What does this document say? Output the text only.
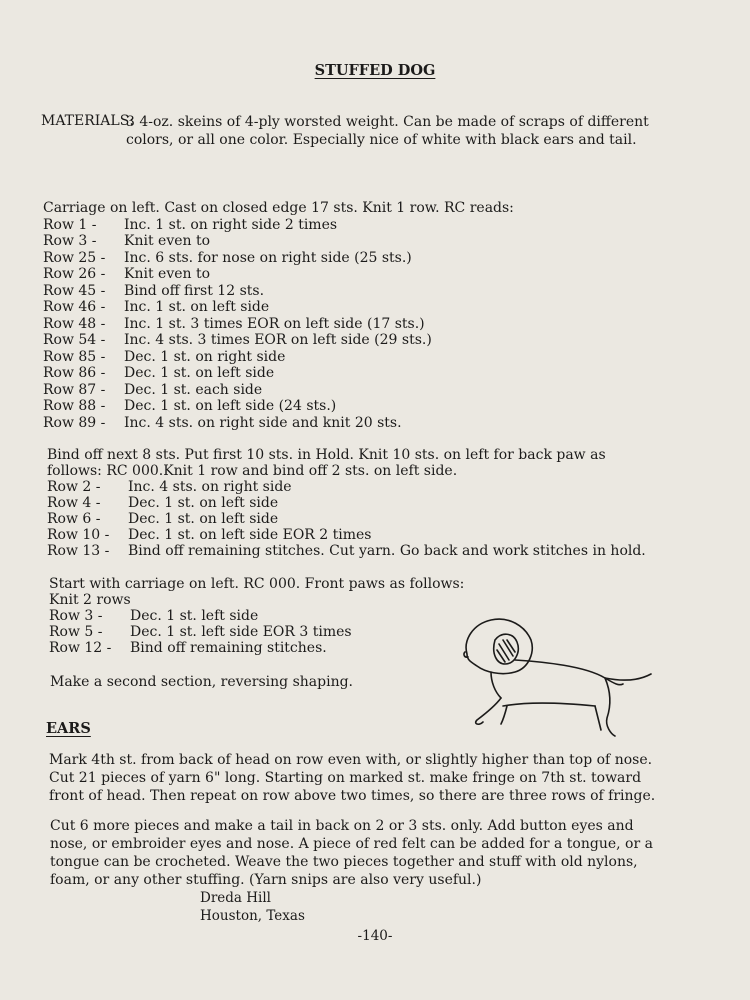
STUFFED DOG
MATERIALS:
3 4-oz. skeins of 4-ply worsted weight. Can be made of scraps of different colors, or all one color. Especially nice of white with black ears and tail.
Carriage on left. Cast on closed edge 17 sts. Knit 1 row. RC reads:
Row 1 -	Inc. 1 st. on right side 2 times
Row 3 -	Knit even to
Row 25 -	Inc. 6 sts. for nose on right side (25 sts.)
Row 26 -	Knit even to
Row 45 -	Bind off first 12 sts.
Row 46 -	Inc. 1 st. on left side
Row 48 -	Inc. 1 st. 3 times EOR on left side (17 sts.)
Row 54 -	Inc. 4 sts. 3 times EOR on left side (29 sts.)
Row 85 -	Dec. 1 st. on right side
Row 86 -	Dec. 1 st. on left side
Row 87 -	Dec. 1 st. each side
Row 88 -	Dec. 1 st. on left side (24 sts.)
Row 89 -	Inc. 4 sts. on right side and knit 20 sts.
Bind off next 8 sts. Put first 10 sts. in Hold. Knit 10 sts. on left for back paw as
follows: RC 000.Knit 1 row and bind off 2 sts. on left side.
Row 2 -	Inc. 4 sts. on right side
Row 4 -	Dec. 1 st. on left side
Row 6 -	Dec. 1 st. on left side
Row 10 -	Dec. 1 st. on left side EOR 2 times
Row 13 -	Bind off remaining stitches. Cut yarn. Go back and work stitches in hold.
Start with carriage on left. RC 000. Front paws as follows:
Knit 2 rows
Row 3 -	Dec. 1 st. left side
Row 5 -	Dec. 1 st. left side EOR 3 times
Row 12 -	Bind off remaining stitches.
Make a second section, reversing shaping.
EARS
Mark 4th st. from back of head on row even with, or slightly higher than top of nose.
Cut 21 pieces of yarn 6" long. Starting on marked st. make fringe on 7th st. toward
front of head. Then repeat on row above two times, so there are three rows of fringe.
Cut 6 more pieces and make a tail in back on 2 or 3 sts. only. Add button eyes and
nose, or embroider eyes and nose. A piece of red felt can be added for a tongue, or a
tongue can be crocheted. Weave the two pieces together and stuff with old nylons,
foam, or any other stuffing. (Yarn snips are also very useful.)
Dreda Hill
Houston, Texas
-140-
